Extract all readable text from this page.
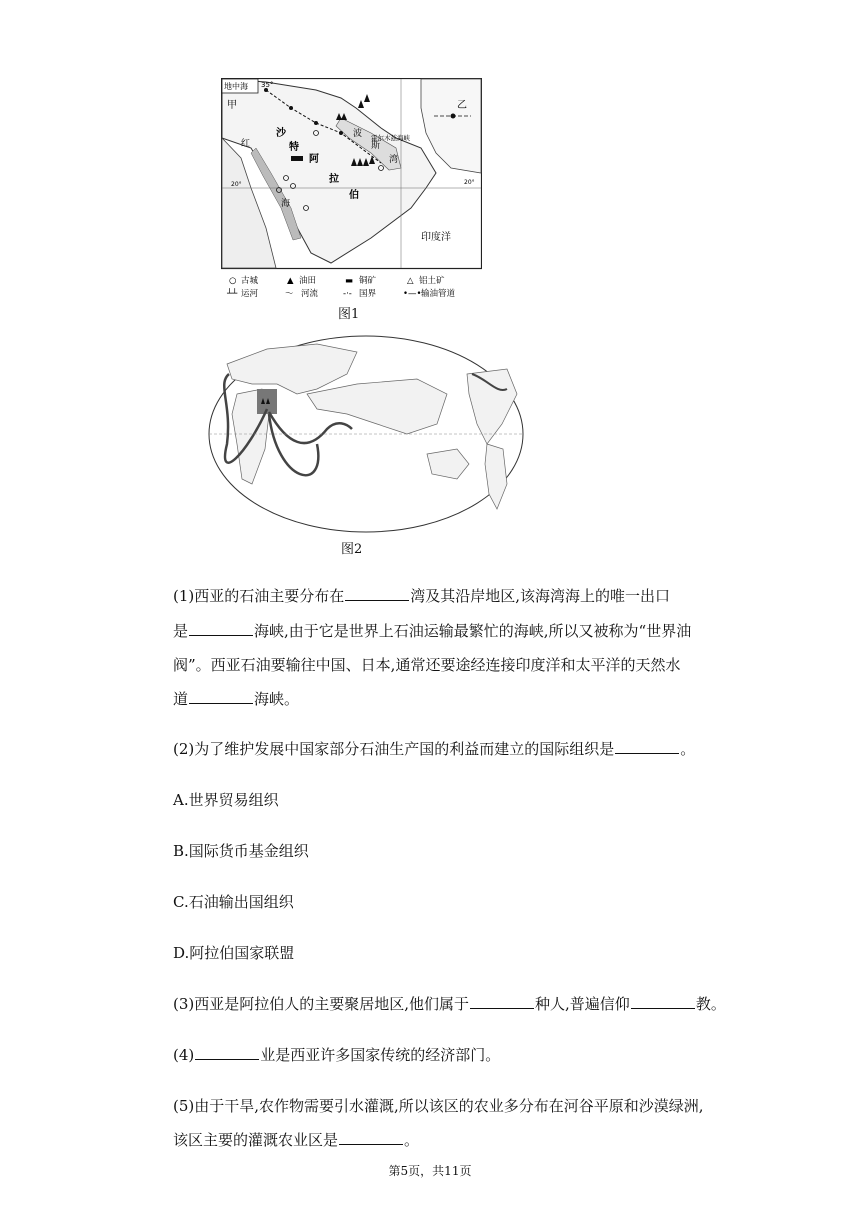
地中海 35°
甲	乙
红
海
沙
特
阿
拉
伯
波
斯
湾
霍尔木兹海峡
20°	20°
印度洋
○ 古城	▲ 油田	▬ 铜矿	△ 铝土矿
┴┴ 运河	〜 河流	-·- 国界	•—• 输油管道
图1
图2
(1)西亚的石油主要分布在	湾及其沿岸地区,该海湾海上的唯一出口
是	海峡,由于它是世界上石油运输最繁忙的海峡,所以又被称为“世界油
阀”。西亚石油要输往中国、日本,通常还要途经连接印度洋和太平洋的天然水
道	海峡。
(2)为了维护发展中国家部分石油生产国的利益而建立的国际组织是	。
A.世界贸易组织
B.国际货币基金组织
C.石油输出国组织
D.阿拉伯国家联盟
(3)西亚是阿拉伯人的主要聚居地区,他们属于	种人,普遍信仰	教。
(4)	业是西亚许多国家传统的经济部门。
(5)由于干旱,农作物需要引水灌溉,所以该区的农业多分布在河谷平原和沙漠绿洲,
该区主要的灌溉农业区是	。
第5页，共11页
